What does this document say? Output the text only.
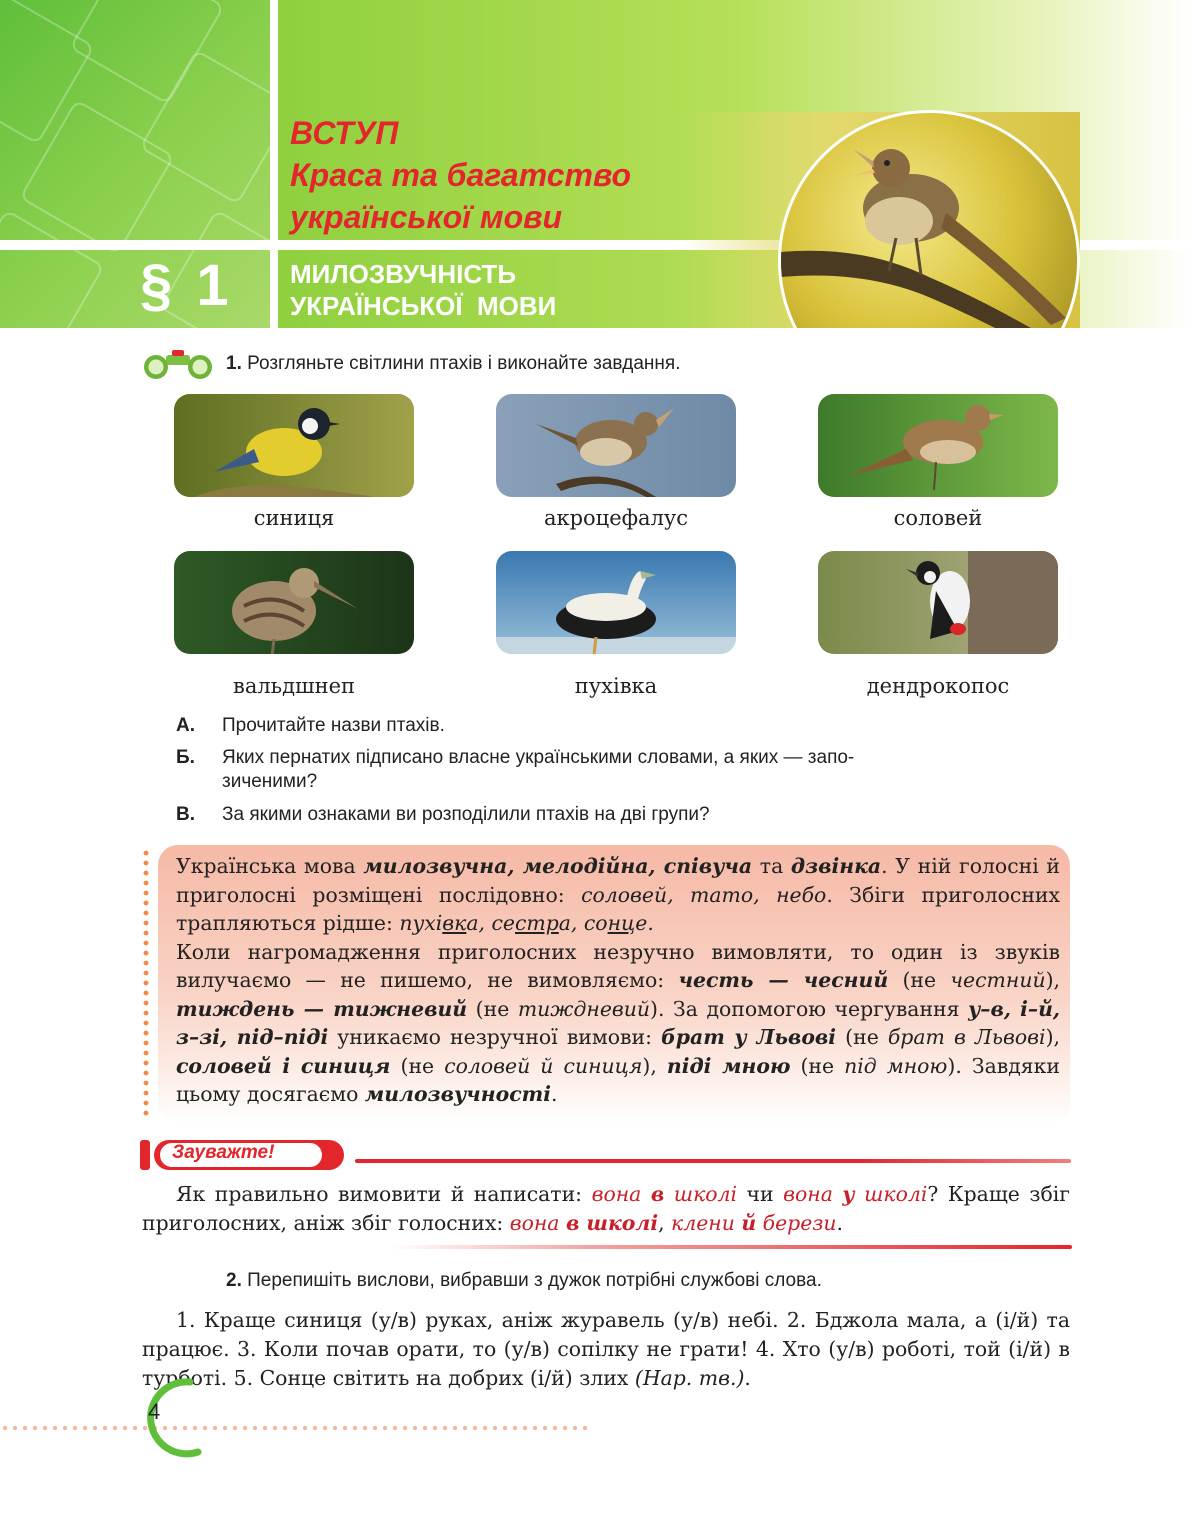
ВСТУП
Краса та багатство
української мови
§ 1 МИЛОЗВУЧНІСТЬ
УКРАЇНСЬКОЇ  МОВИ
1. Розгляньте світлини птахів і виконайте завдання.
синиця	акроцефалус	соловей
вальдшнеп	пухівка	дендрокопос
А. Прочитайте назви птахів.
Б. Яких пернатих підписано власне українськими словами, а яких — запо-
зиченими?
В. За якими ознаками ви розподілили птахів на дві групи?
Українська мова милозвучна, мелодійна, співуча та дзвінка. У ній голосні й приголосні розміщені послідовно: соловей, тато, небо. Збіги приголосних трапляються рідше: пухівка, сестра, сонце.
Коли нагромадження приголосних незручно вимовляти, то один із звуків вилучаємо — не пишемо, не вимовляємо: честь — чесний (не честний), тиждень — тижневий (не тиждневий). За допомогою чергування у–в, і–й, з–зі, під–піді уникаємо незручної вимови: брат у Львові (не брат в Львові), соловей і синиця (не соловей й синиця), піді мною (не під мною). Завдяки цьому досягаємо милозвучності.
Зауважте!
Як правильно вимовити й написати: вона в школі чи вона у школі? Краще збіг приголосних, аніж збіг голосних: вона в школі, клени й берези.
2. Перепишіть вислови, вибравши з дужок потрібні службові слова.
1. Краще синиця (у/в) руках, аніж журавель (у/в) небі. 2. Бджола мала, а (і/й) та працює. 3. Коли почав орати, то (у/в) сопілку не грати! 4. Хто (у/в) роботі, той (і/й) в турботі. 5. Сонце світить на добрих (і/й) злих (Нар. тв.).
4
